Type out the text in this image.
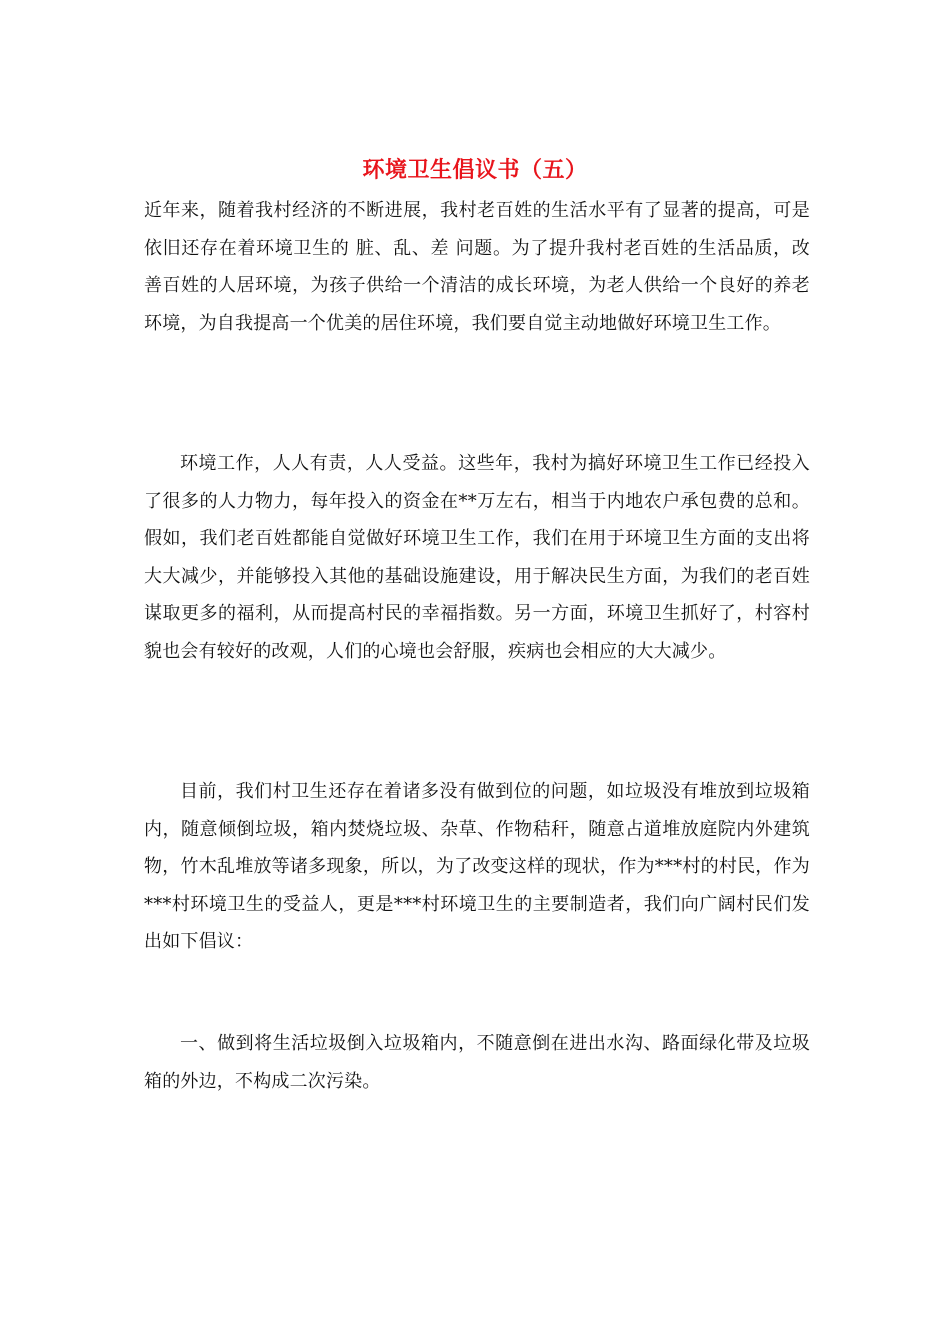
环境卫生倡议书（五）

近年来，随着我村经济的不断进展，我村老百姓的生活水平有了显著的提高，可是依旧还存在着环境卫生的 脏、乱、差 问题。为了提升我村老百姓的生活品质，改善百姓的人居环境，为孩子供给一个清洁的成长环境，为老人供给一个良好的养老环境，为自我提高一个优美的居住环境，我们要自觉主动地做好环境卫生工作。

环境工作，人人有责，人人受益。这些年，我村为搞好环境卫生工作已经投入了很多的人力物力，每年投入的资金在**万左右，相当于内地农户承包费的总和。假如，我们老百姓都能自觉做好环境卫生工作，我们在用于环境卫生方面的支出将大大减少，并能够投入其他的基础设施建设，用于解决民生方面，为我们的老百姓谋取更多的福利，从而提高村民的幸福指数。另一方面，环境卫生抓好了，村容村貌也会有较好的改观，人们的心境也会舒服，疾病也会相应的大大减少。

目前，我们村卫生还存在着诸多没有做到位的问题，如垃圾没有堆放到垃圾箱内，随意倾倒垃圾，箱内焚烧垃圾、杂草、作物秸秆，随意占道堆放庭院内外建筑物，竹木乱堆放等诸多现象，所以，为了改变这样的现状，作为***村的村民，作为***村环境卫生的受益人，更是***村环境卫生的主要制造者，我们向广阔村民们发出如下倡议：

一、做到将生活垃圾倒入垃圾箱内，不随意倒在进出水沟、路面绿化带及垃圾箱的外边，不构成二次污染。
